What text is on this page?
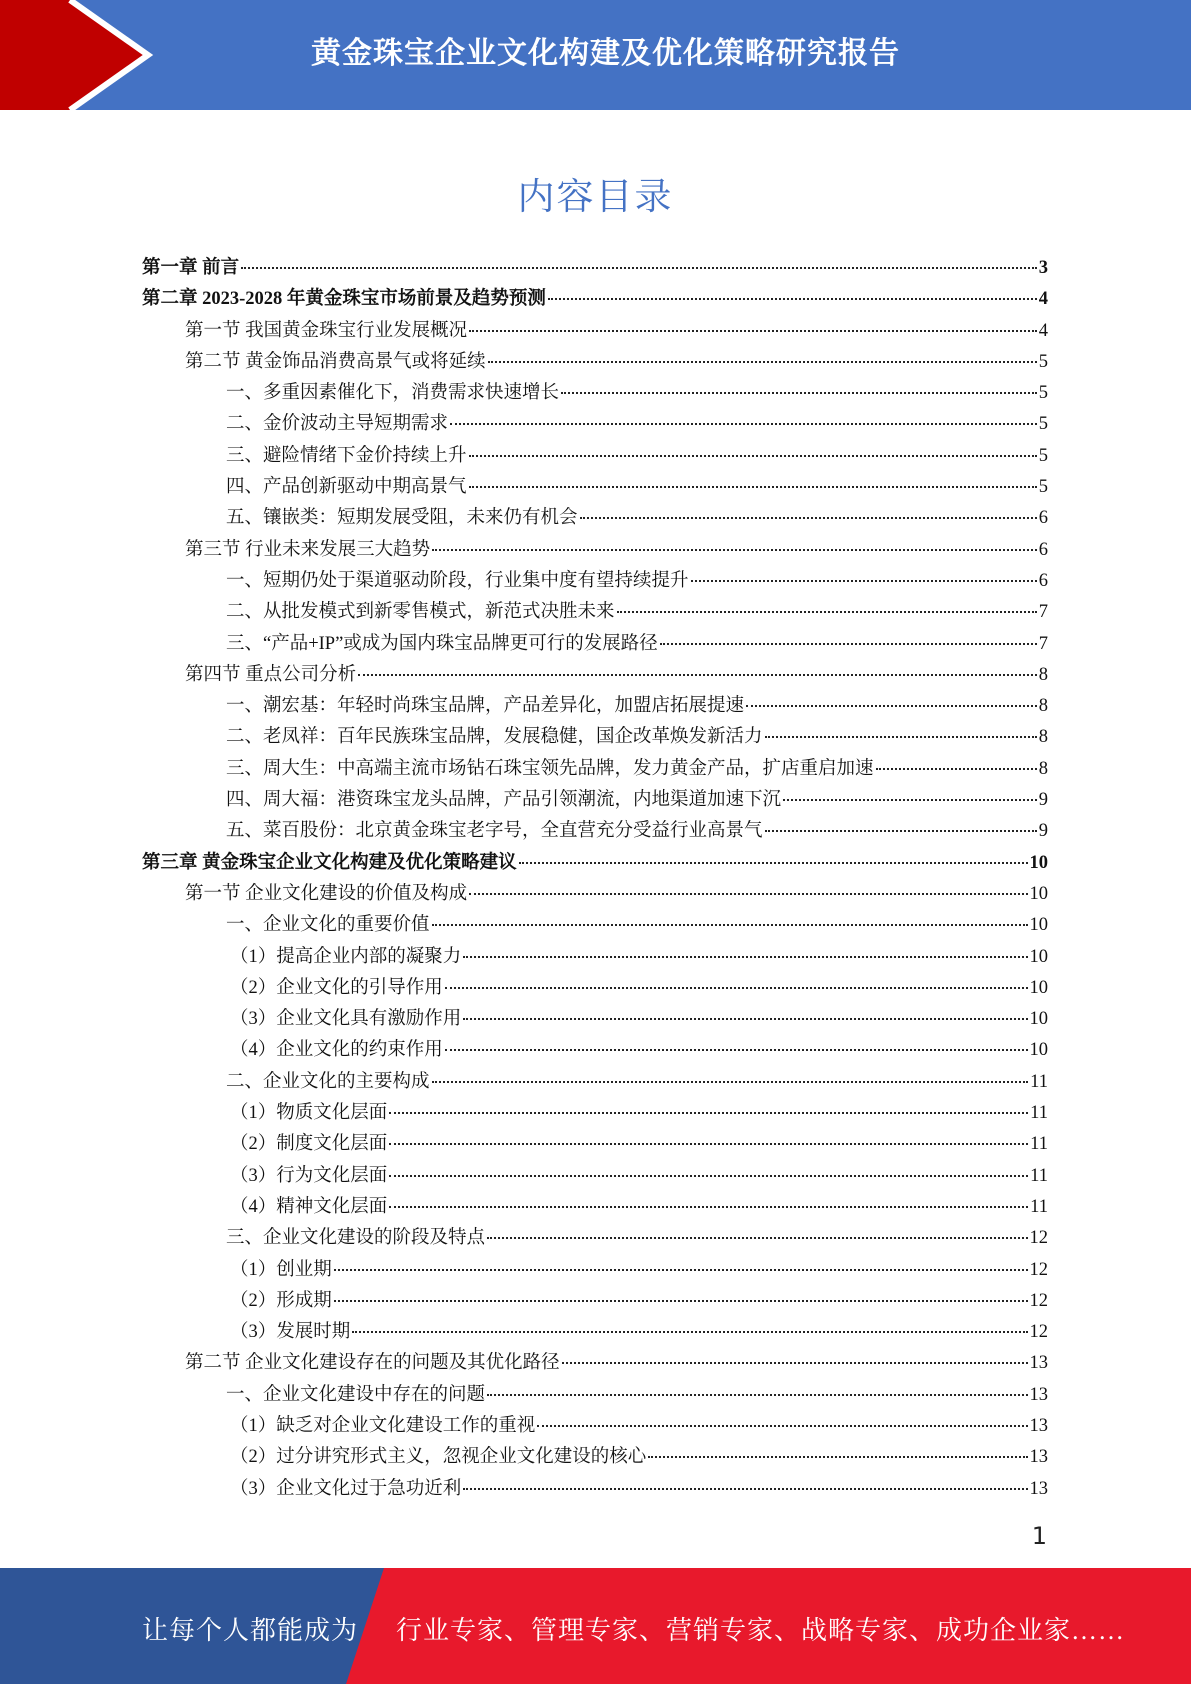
黄金珠宝企业文化构建及优化策略研究报告
内容目录
第一章 前言	3
第二章 2023-2028 年黄金珠宝市场前景及趋势预测	4
第一节 我国黄金珠宝行业发展概况	4
第二节 黄金饰品消费高景气或将延续	5
一、多重因素催化下，消费需求快速增长	5
二、金价波动主导短期需求	5
三、避险情绪下金价持续上升	5
四、产品创新驱动中期高景气	5
五、镶嵌类：短期发展受阻，未来仍有机会	6
第三节 行业未来发展三大趋势	6
一、短期仍处于渠道驱动阶段，行业集中度有望持续提升	6
二、从批发模式到新零售模式，新范式决胜未来	7
三、“产品+IP”或成为国内珠宝品牌更可行的发展路径	7
第四节 重点公司分析	8
一、潮宏基：年轻时尚珠宝品牌，产品差异化，加盟店拓展提速	8
二、老凤祥：百年民族珠宝品牌，发展稳健，国企改革焕发新活力	8
三、周大生：中高端主流市场钻石珠宝领先品牌，发力黄金产品，扩店重启加速	8
四、周大福：港资珠宝龙头品牌，产品引领潮流，内地渠道加速下沉	9
五、菜百股份：北京黄金珠宝老字号，全直营充分受益行业高景气	9
第三章 黄金珠宝企业文化构建及优化策略建议	10
第一节 企业文化建设的价值及构成	10
一、企业文化的重要价值	10
（1）提高企业内部的凝聚力	10
（2）企业文化的引导作用	10
（3）企业文化具有激励作用	10
（4）企业文化的约束作用	10
二、企业文化的主要构成	11
（1）物质文化层面	11
（2）制度文化层面	11
（3）行为文化层面	11
（4）精神文化层面	11
三、企业文化建设的阶段及特点	12
（1）创业期	12
（2）形成期	12
（3）发展时期	12
第二节 企业文化建设存在的问题及其优化路径	13
一、企业文化建设中存在的问题	13
（1）缺乏对企业文化建设工作的重视	13
（2）过分讲究形式主义，忽视企业文化建设的核心	13
（3）企业文化过于急功近利	13
1
让每个人都能成为 行业专家、管理专家、营销专家、战略专家、成功企业家……
